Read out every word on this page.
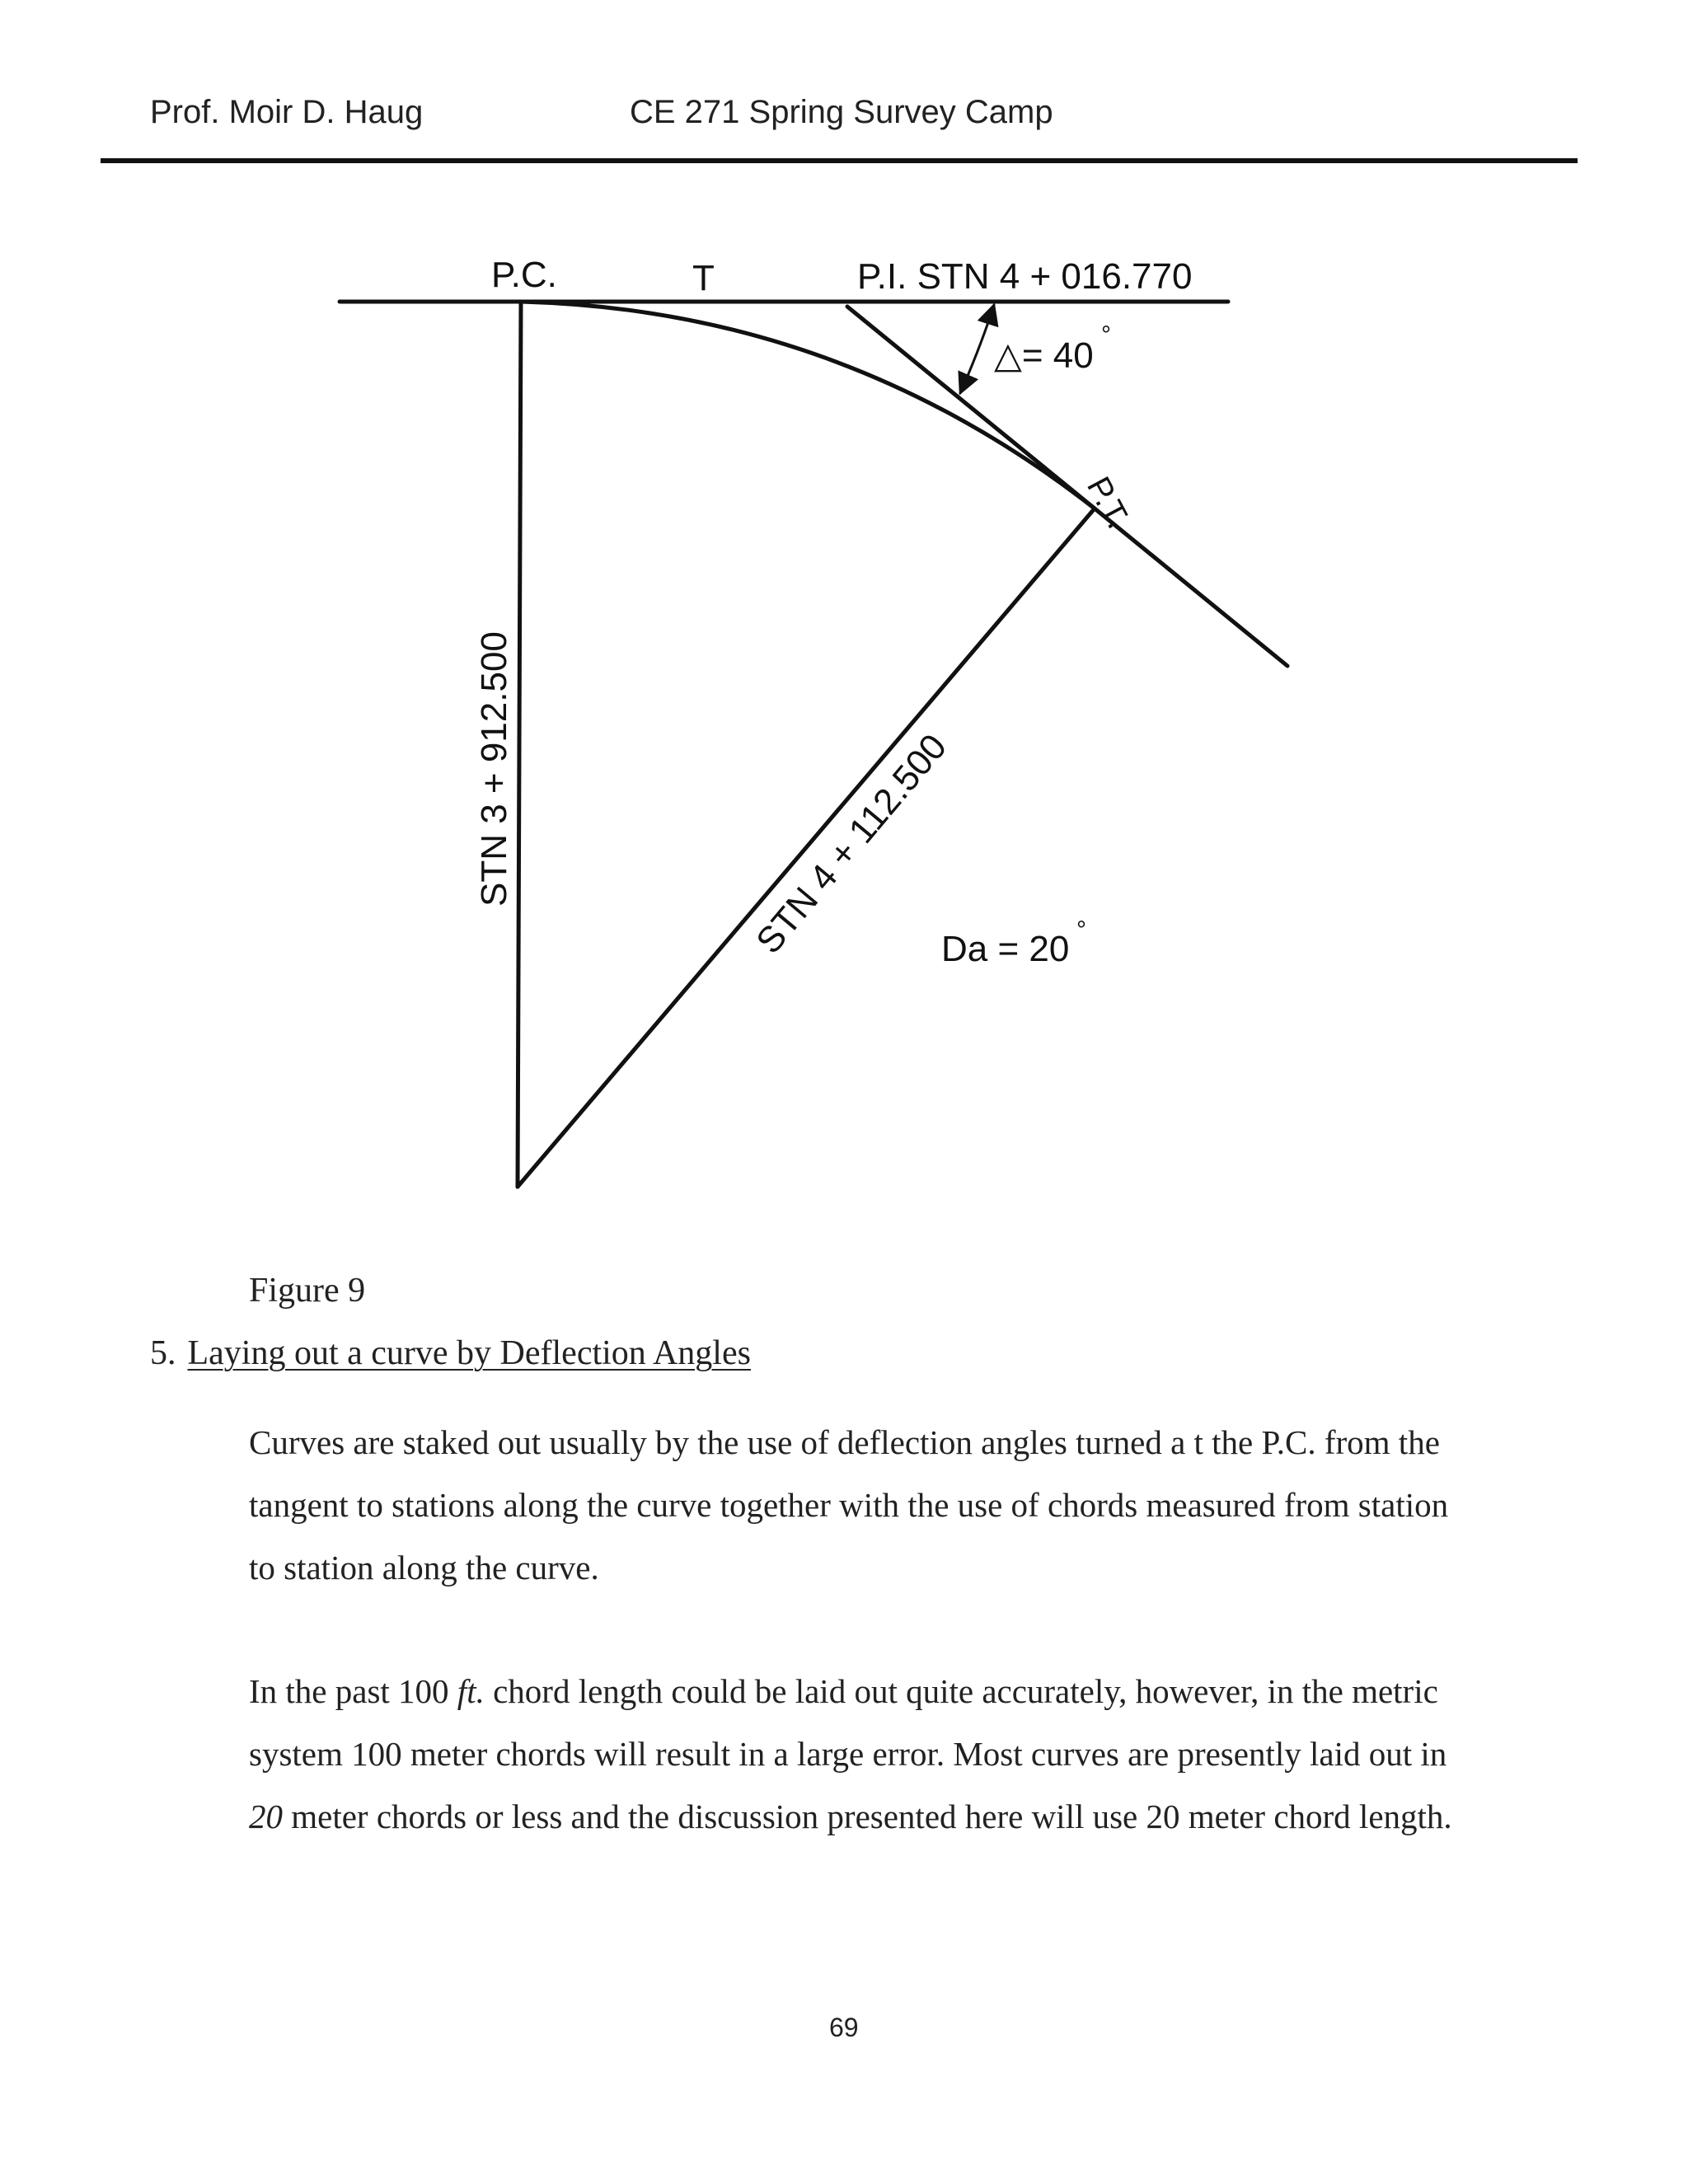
Prof. Moir D. Haug	CE 271 Spring Survey Camp
P.C.	T	P.I. STN 4 + 016.770
△= 40
°
P.T.
STN 3 + 912.500	STN 4 + 112.500
Da = 20 °
Figure 9
5. Laying out a curve by Deflection Angles
Curves are staked out usually by the use of deflection angles turned a t the P.C. from the
tangent to stations along the curve together with the use of chords measured from station
to station along the curve.
In the past 100 ft. chord length could be laid out quite accurately, however, in the metric
system 100 meter chords will result in a large error. Most curves are presently laid out in
20 meter chords or less and the discussion presented here will use 20 meter chord length.
69
